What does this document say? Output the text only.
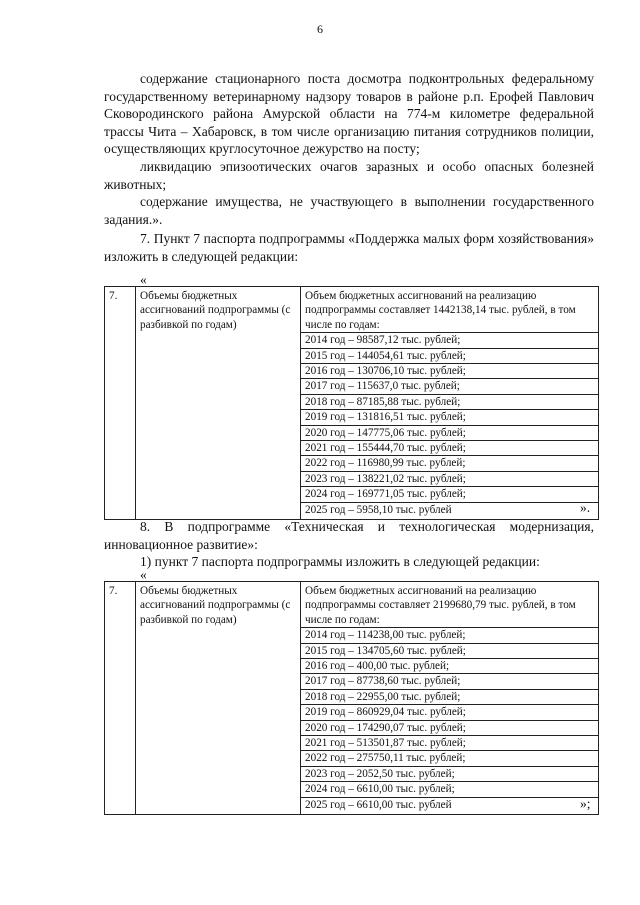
6

содержание стационарного поста досмотра подконтрольных федеральному государственному ветеринарному надзору товаров в районе р.п. Ерофей Павлович Сковородинского района Амурской области на 774-м километре федеральной трассы Чита – Хабаровск, в том числе организацию питания сотрудников полиции, осуществляющих круглосуточное дежурство на посту;

ликвидацию эпизоотических очагов заразных и особо опасных болезней животных;

содержание имущества, не участвующего в выполнении государственного задания.».

7. Пункт 7 паспорта подпрограммы «Поддержка малых форм хозяйствования» изложить в следующей редакции:

«
7.	Объемы бюджетных ассигнований подпрограммы (с разбивкой по годам)	
Объем бюджетных ассигнований на реализацию подпрограммы составляет 1442138,14 тыс. рублей, в том числе по годам:
2014 год – 98587,12 тыс. рублей;
2015 год – 144054,61 тыс. рублей;
2016 год – 130706,10 тыс. рублей;
2017 год – 115637,0 тыс. рублей;
2018 год – 87185,88 тыс. рублей;
2019 год – 131816,51 тыс. рублей;
2020 год – 147775,06 тыс. рублей;
2021 год – 155444,70 тыс. рублей;
2022 год – 116980,99 тыс. рублей;
2023 год – 138221,02 тыс. рублей;
2024 год – 169771,05 тыс. рублей;
2025 год – 5958,10 тыс. рублей	».

8. В подпрограмме «Техническая и технологическая модернизация, инновационное развитие»:

1) пункт 7 паспорта подпрограммы изложить в следующей редакции:

«
7.	Объемы бюджетных ассигнований подпрограммы (с разбивкой по годам)	
Объем бюджетных ассигнований на реализацию подпрограммы составляет 2199680,79 тыс. рублей, в том числе по годам:
2014 год – 114238,00 тыс. рублей;
2015 год – 134705,60 тыс. рублей;
2016 год – 400,00 тыс. рублей;
2017 год – 87738,60 тыс. рублей;
2018 год – 22955,00 тыс. рублей;
2019 год – 860929,04 тыс. рублей;
2020 год – 174290,07 тыс. рублей;
2021 год – 513501,87 тыс. рублей;
2022 год – 275750,11 тыс. рублей;
2023 год – 2052,50 тыс. рублей;
2024 год – 6610,00 тыс. рублей;
2025 год – 6610,00 тыс. рублей	»;
